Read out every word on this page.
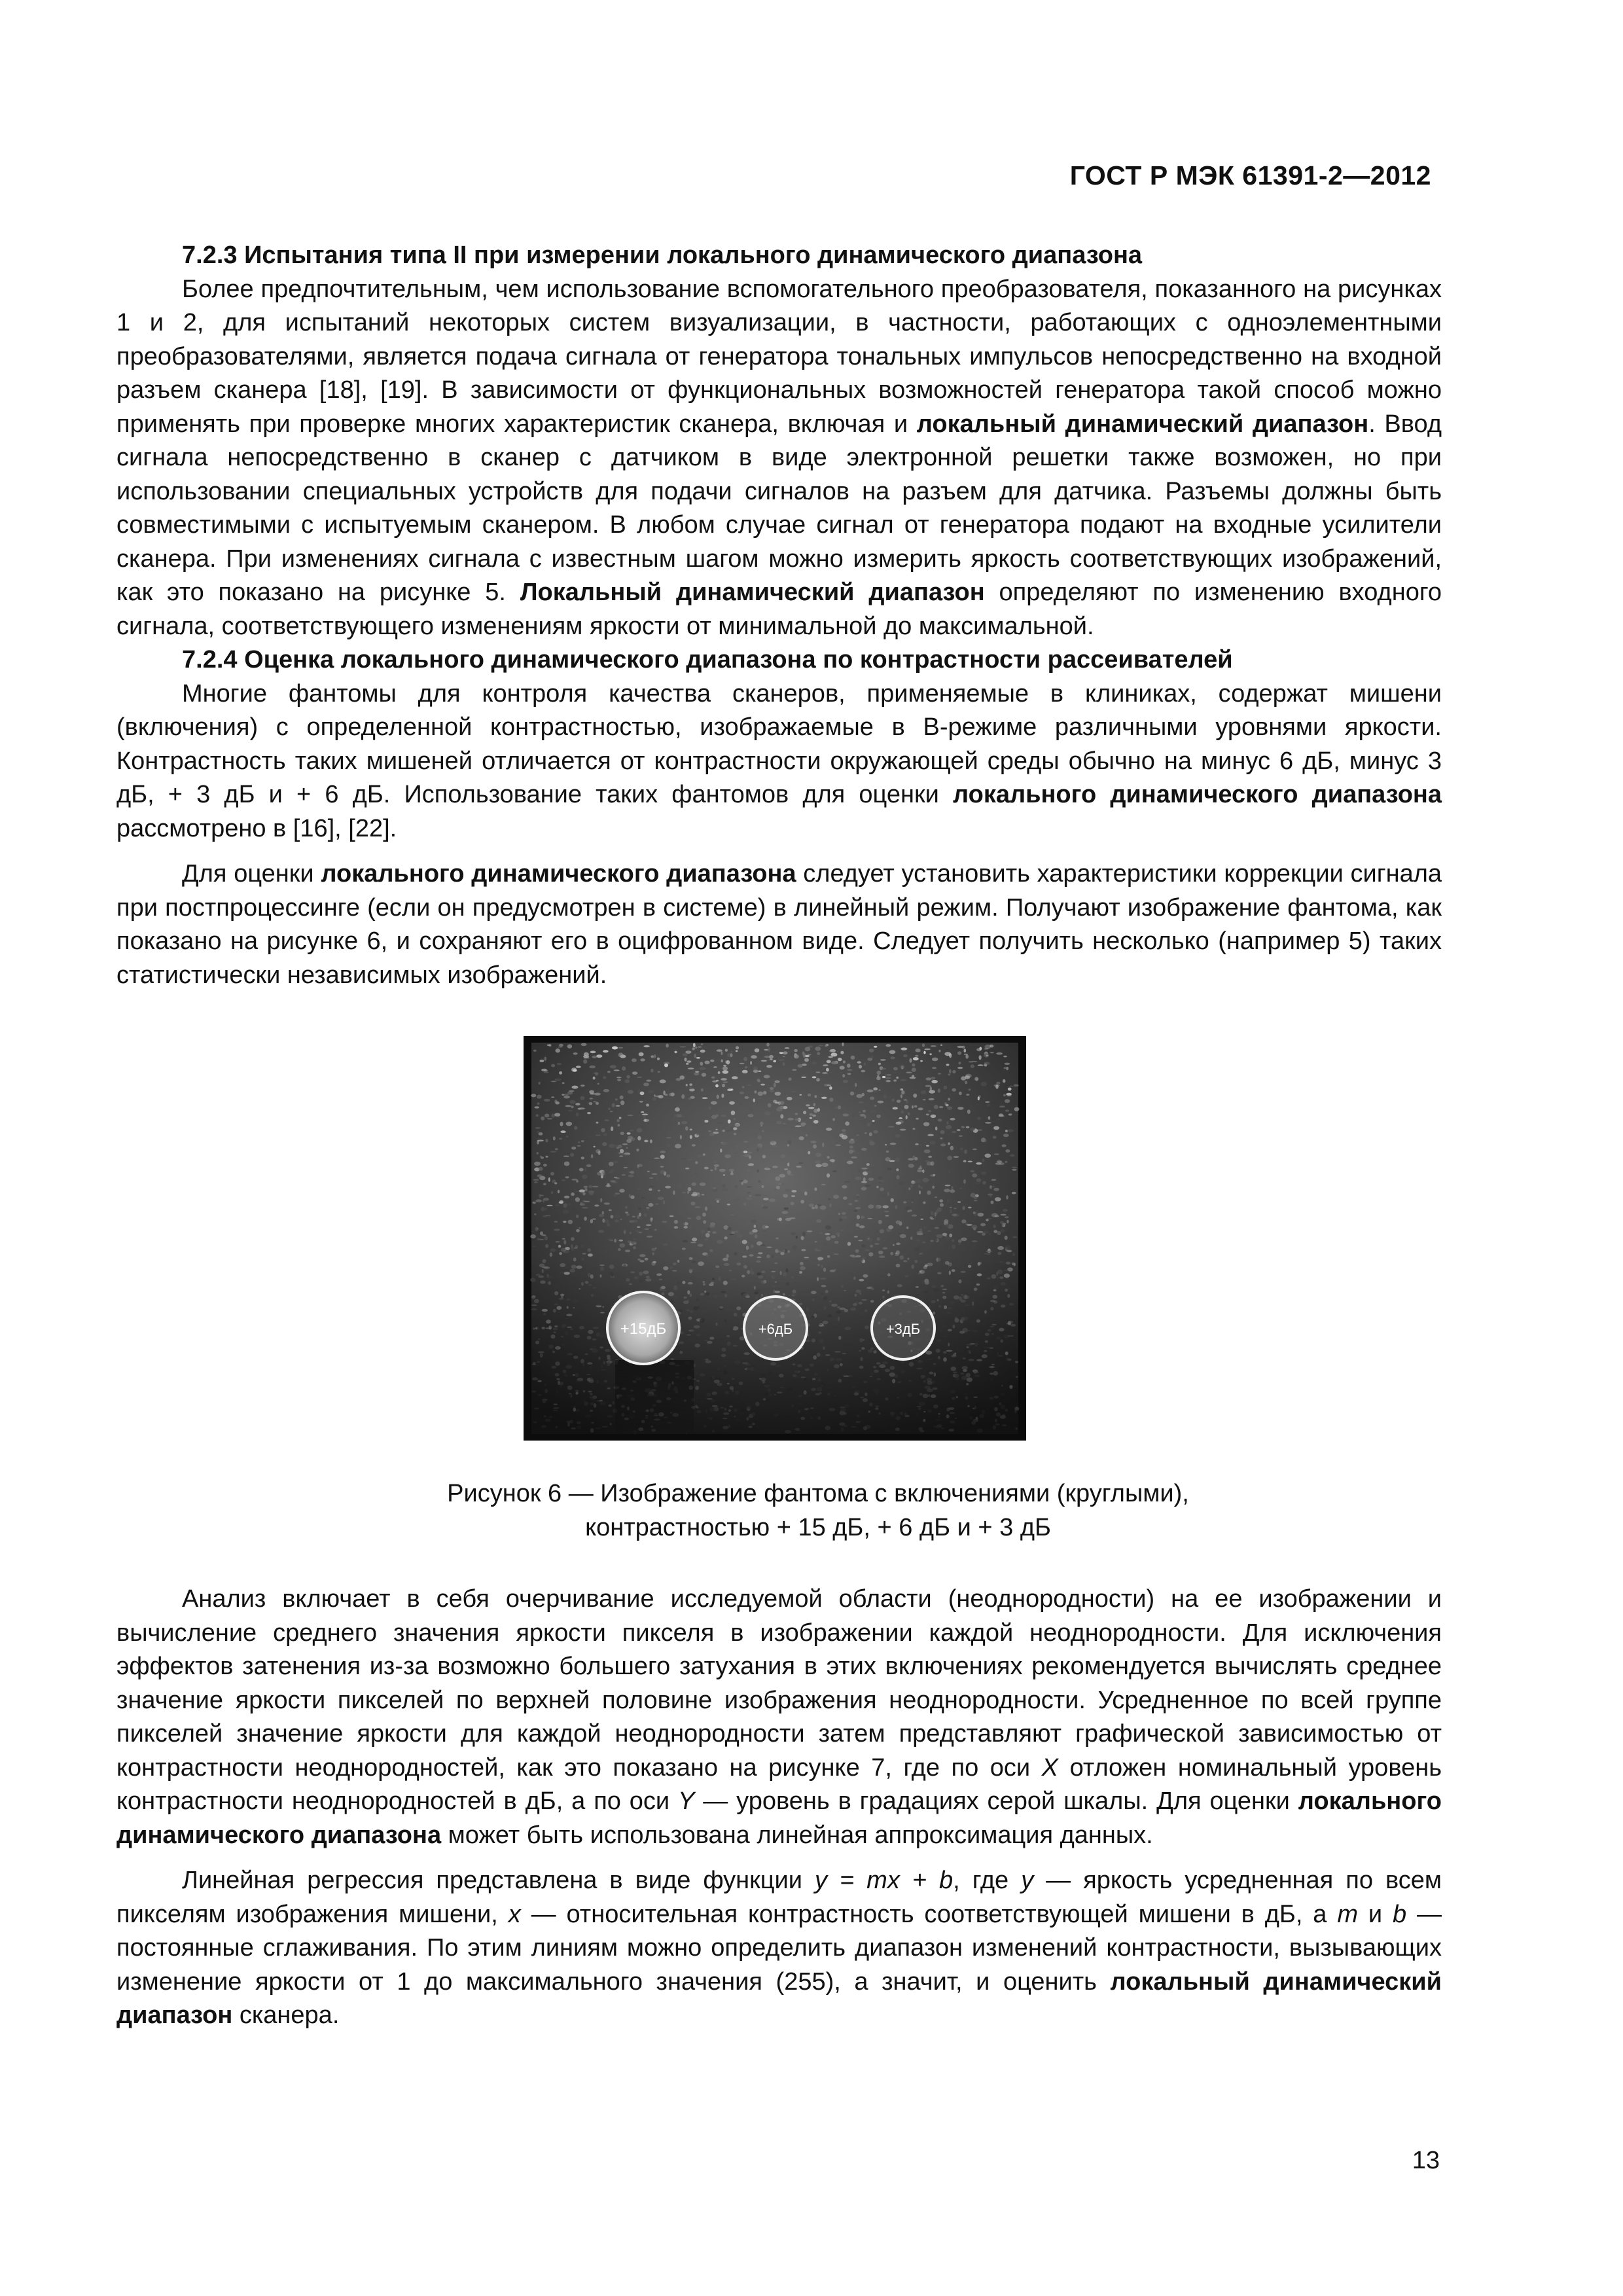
ГОСТ Р МЭК 61391-2—2012

7.2.3 Испытания типа II при измерении локального динамического диапазона

Более предпочтительным, чем использование вспомогательного преобразователя, показанного на рисунках 1 и 2, для испытаний некоторых систем визуализации, в частности, работающих с одноэлементными преобразователями, является подача сигнала от генератора тональных импульсов непосредственно на входной разъем сканера [18], [19]. В зависимости от функциональных возможностей генератора такой способ можно применять при проверке многих характеристик сканера, включая и локальный динамический диапазон. Ввод сигнала непосредственно в сканер с датчиком в виде электронной решетки также возможен, но при использовании специальных устройств для подачи сигналов на разъем для датчика. Разъемы должны быть совместимыми с испытуемым сканером. В любом случае сигнал от генератора подают на входные усилители сканера. При изменениях сигнала с известным шагом можно измерить яркость соответствующих изображений, как это показано на рисунке 5. Локальный динамический диапазон определяют по изменению входного сигнала, соответствующего изменениям яркости от минимальной до максимальной.

7.2.4 Оценка локального динамического диапазона по контрастности рассеивателей

Многие фантомы для контроля качества сканеров, применяемые в клиниках, содержат мишени (включения) с определенной контрастностью, изображаемые в В-режиме различными уровнями яркости. Контрастность таких мишеней отличается от контрастности окружающей среды обычно на минус 6 дБ, минус 3 дБ, + 3 дБ и + 6 дБ. Использование таких фантомов для оценки локального динамического диапазона рассмотрено в [16], [22].

Для оценки локального динамического диапазона следует установить характеристики коррекции сигнала при постпроцессинге (если он предусмотрен в системе) в линейный режим. Получают изображение фантома, как показано на рисунке 6, и сохраняют его в оцифрованном виде. Следует получить несколько (например 5) таких статистически независимых изображений.

+15дБ	+6дБ	+3дБ
Рисунок 6 — Изображение фантома с включениями (круглыми),
контрастностью + 15 дБ, + 6 дБ и + 3 дБ

Анализ включает в себя очерчивание исследуемой области (неоднородности) на ее изображении и вычисление среднего значения яркости пикселя в изображении каждой неоднородности. Для исключения эффектов затенения из-за возможно большего затухания в этих включениях рекомендуется вычислять среднее значение яркости пикселей по верхней половине изображения неоднородности. Усредненное по всей группе пикселей значение яркости для каждой неоднородности затем представляют графической зависимостью от контрастности неоднородностей, как это показано на рисунке 7, где по оси X отложен номинальный уровень контрастности неоднородностей в дБ, а по оси Y — уровень в градациях серой шкалы. Для оценки локального динамического диапазона может быть использована линейная аппроксимация данных.

Линейная регрессия представлена в виде функции y = mx + b, где y — яркость усредненная по всем пикселям изображения мишени, x — относительная контрастность соответствующей мишени в дБ, а m и b — постоянные сглаживания. По этим линиям можно определить диапазон изменений контрастности, вызывающих изменение яркости от 1 до максимального значения (255), а значит, и оценить локальный динамический диапазон сканера.

13
